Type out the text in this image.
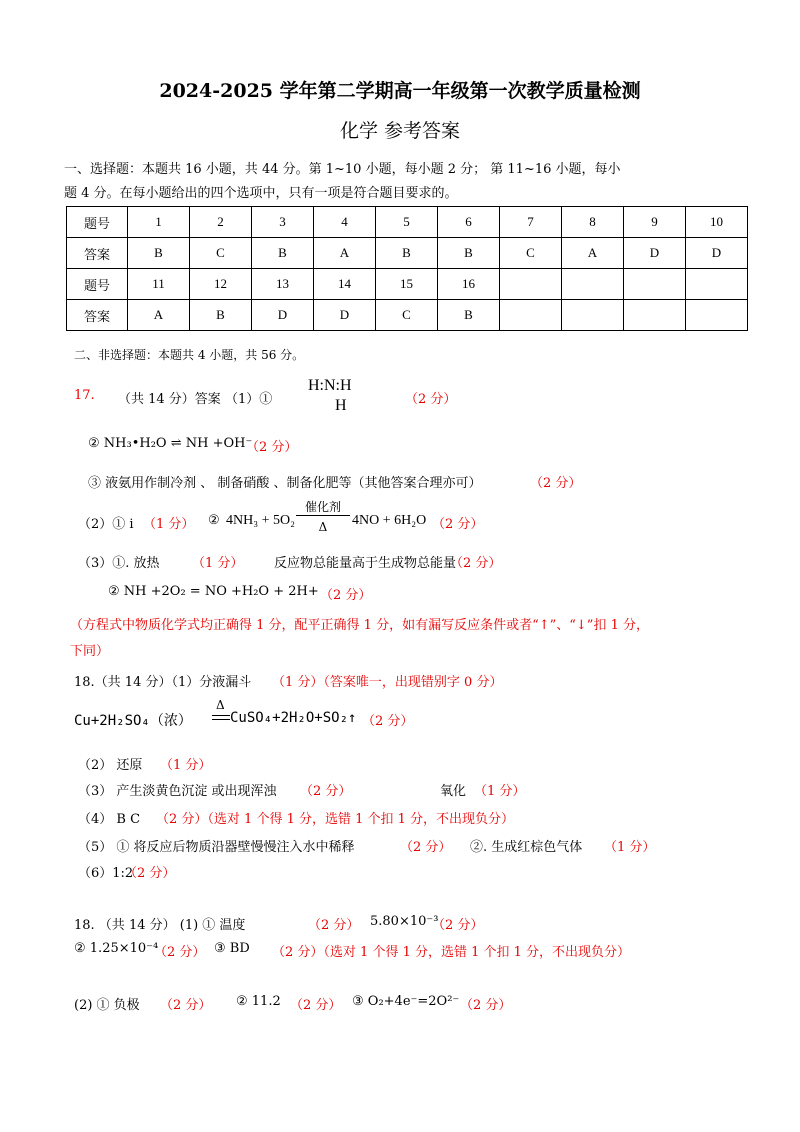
2024-2025 学年第二学期高一年级第一次教学质量检测
化学 参考答案
一、选择题：本题共 16 小题，共 44 分。第 1~10 小题，每小题 2 分； 第 11~16 小题，每小
题 4 分。在每小题给出的四个选项中，只有一项是符合题目要求的。
题号	1	2	3	4	5	6	7	8	9	10
答案	B	C	B	A	B	B	C	A	D	D
题号	11	12	13	14	15	16				
答案	A	B	D	D	C	B				
二、非选择题：本题共 4 小题，共 56 分。
17. （共 14 分）答案 （1）①
H:N:H
H	（2 分）
② NH₃•H₂O ⇌ NH +OH⁻
（2 分）
③ 液氨用作制冷剂 、 制备硝酸 、制备化肥等（其他答案合理亦可）	（2 分）
（2）① i （1 分） ② 4NH₃ + 5O₂
催化剂
Δ	4NO + 6H₂O （2 分）
（3）①. 放热 （1 分） 反应物总能量高于生成物总能量
（2 分）
② NH +2O₂ = NO +H₂O + 2H+ （2 分）
（方程式中物质化学式均正确得 1 分，配平正确得 1 分，如有漏写反应条件或者“↑”、“↓”扣 1 分，
下同）
18.（共 14 分）（1）分液漏斗 （1 分）（答案唯一，出现错别字 0 分）
Cu+2H₂SO₄（浓）
Δ
CuSO₄+2H₂O+SO₂↑ （2 分）
（2） 还原 （1 分）
（3） 产生淡黄色沉淀 或出现浑浊 （2 分）	氧化 （1 分）
（4） B C （2 分）（选对 1 个得 1 分，选错 1 个扣 1 分，不出现负分）
（5） ① 将反应后物质沿器壁慢慢注入水中稀释	（2 分） ②. 生成红棕色气体 （1 分）
（6）1:2
（2 分）
18. （共 14 分） (1) ① 温度	（2 分） 5.80×10⁻³
（2 分）
② 1.25×10⁻⁴
（2 分） ③ BD （2 分）（选对 1 个得 1 分，选错 1 个扣 1 分，不出现负分）
(2) ① 负极 （2 分） ② 11.2 （2 分） ③ O₂+4e⁻=2O²⁻ （2 分）
